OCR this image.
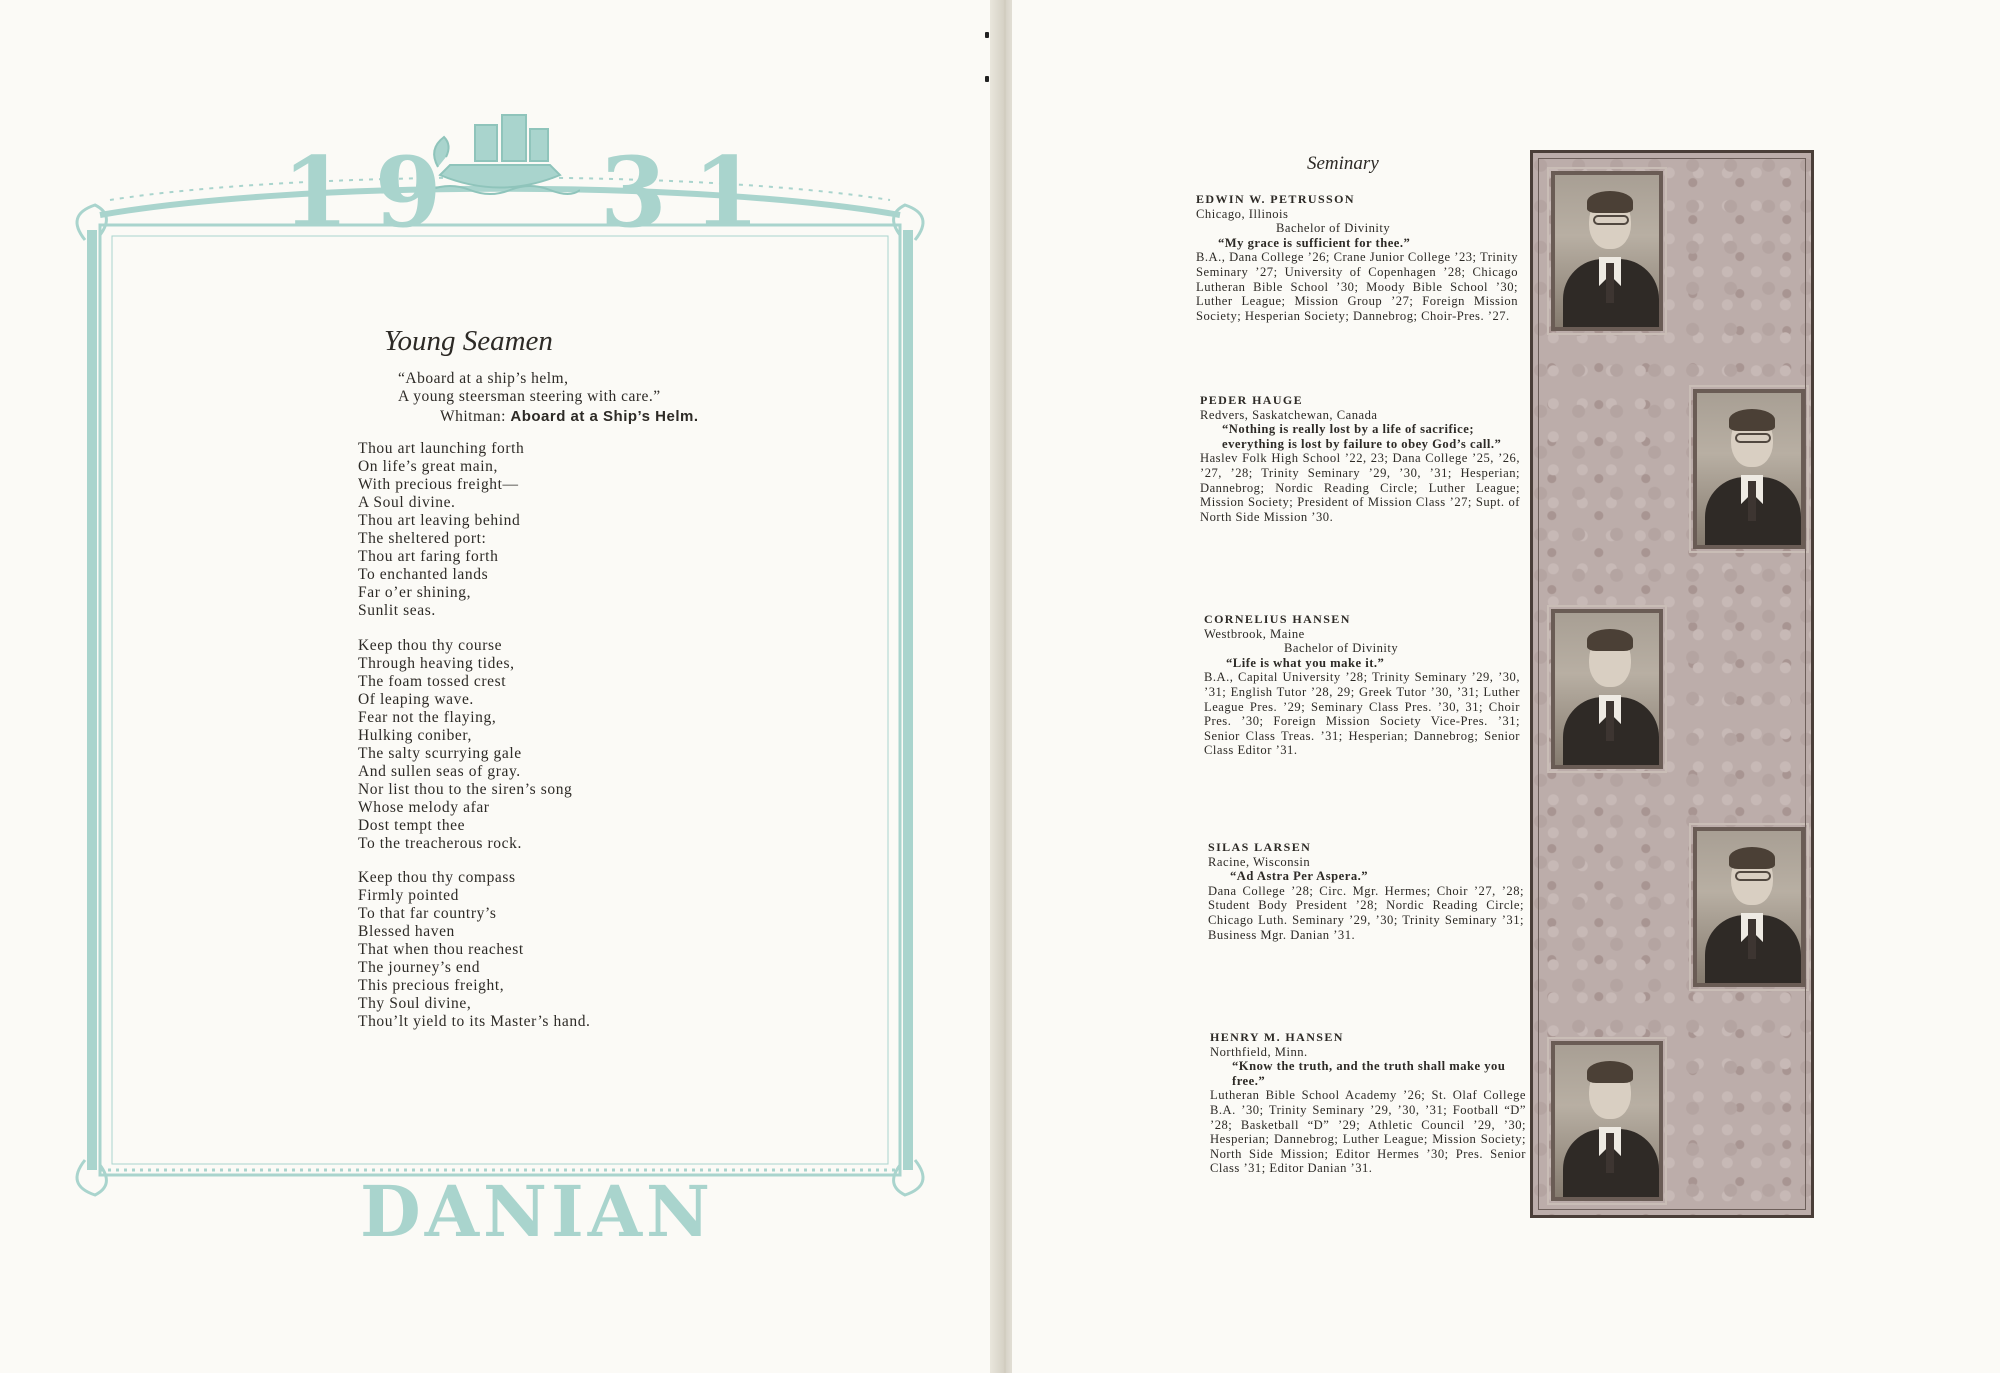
19 31
Young Seamen
“Aboard at a ship’s helm,
A young steersman steering with care.”
Whitman: Aboard at a Ship’s Helm.
Thou art launching forth
On life’s great main,
With precious freight—
A Soul divine.
Thou art leaving behind
The sheltered port:
Thou art faring forth
To enchanted lands
Far o’er shining,
Sunlit seas.
Keep thou thy course
Through heaving tides,
The foam tossed crest
Of leaping wave.
Fear not the flaying,
Hulking coniber,
The salty scurrying gale
And sullen seas of gray.
Nor list thou to the siren’s song
Whose melody afar
Dost tempt thee
To the treacherous rock.
Keep thou thy compass
Firmly pointed
To that far country’s
Blessed haven
That when thou reachest
The journey’s end
This precious freight,
Thy Soul divine,
Thou’lt yield to its Master’s hand.
DANIAN
Seminary
EDWIN W. PETRUSSON
Chicago, Illinois
Bachelor of Divinity
“My grace is sufficient for thee.”
B.A., Dana College ’26; Crane Junior College ’23; Trinity Seminary ’27; University of Copenhagen ’28; Chicago Lutheran Bible School ’30; Moody Bible School ’30; Luther League; Mission Group ’27; Foreign Mission Society; Hesperian Society; Dannebrog; Choir-Pres. ’27.
PEDER HAUGE
Redvers, Saskatchewan, Canada
“Nothing is really lost by a life of sacrifice; everything is lost by failure to obey God’s call.”
Haslev Folk High School ’22, 23; Dana College ’25, ’26, ’27, ’28; Trinity Seminary ’29, ’30, ’31; Hesperian; Dannebrog; Nordic Reading Circle; Luther League; Mission Society; President of Mission Class ’27; Supt. of North Side Mission ’30.
CORNELIUS HANSEN
Westbrook, Maine
Bachelor of Divinity
“Life is what you make it.”
B.A., Capital University ’28; Trinity Seminary ’29, ’30, ’31; English Tutor ’28, 29; Greek Tutor ’30, ’31; Luther League Pres. ’29; Seminary Class Pres. ’30, 31; Choir Pres. ’30; Foreign Mission Society Vice-Pres. ’31; Senior Class Treas. ’31; Hesperian; Dannebrog; Senior Class Editor ’31.
SILAS LARSEN
Racine, Wisconsin
“Ad Astra Per Aspera.”
Dana College ’28; Circ. Mgr. Hermes; Choir ’27, ’28; Student Body President ’28; Nordic Reading Circle; Chicago Luth. Seminary ’29, ’30; Trinity Seminary ’31; Business Mgr. Danian ’31.
HENRY M. HANSEN
Northfield, Minn.
“Know the truth, and the truth shall make you free.”
Lutheran Bible School Academy ’26; St. Olaf College B.A. ’30; Trinity Seminary ’29, ’30, ’31; Football “D” ’28; Basketball “D” ’29; Athletic Council ’29, ’30; Hesperian; Dannebrog; Luther League; Mission Society; North Side Mission; Editor Hermes ’30; Pres. Senior Class ’31; Editor Danian ’31.
